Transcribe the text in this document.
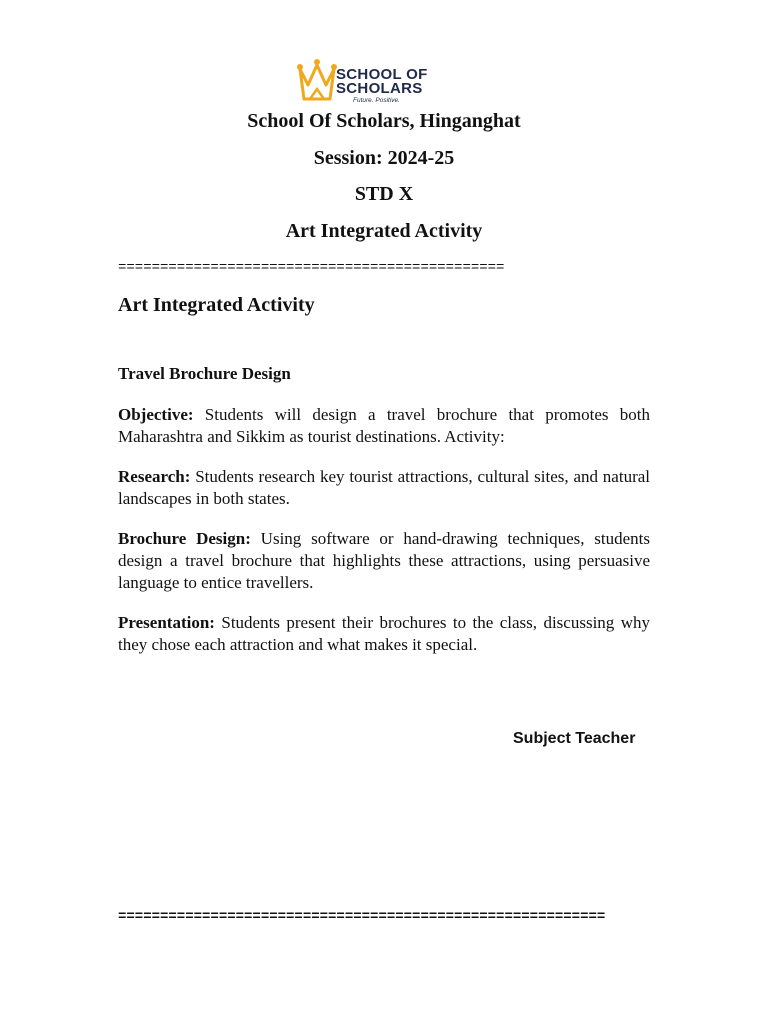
SCHOOL OF
SCHOLARS
Future. Positive.
School Of Scholars, Hinganghat
Session: 2024-25
STD X
Art Integrated Activity
==============================================
Art Integrated Activity
Travel Brochure Design

Objective: Students will design a travel brochure that promotes both Maharashtra and Sikkim as tourist destinations. Activity:

Research: Students research key tourist attractions, cultural sites, and natural landscapes in both states.

Brochure Design: Using software or hand-drawing techniques, students design a travel brochure that highlights these attractions, using persuasive language to entice travellers.

Presentation: Students present their brochures to the class, discussing why they chose each attraction and what makes it special.

Subject Teacher
==========================================================
